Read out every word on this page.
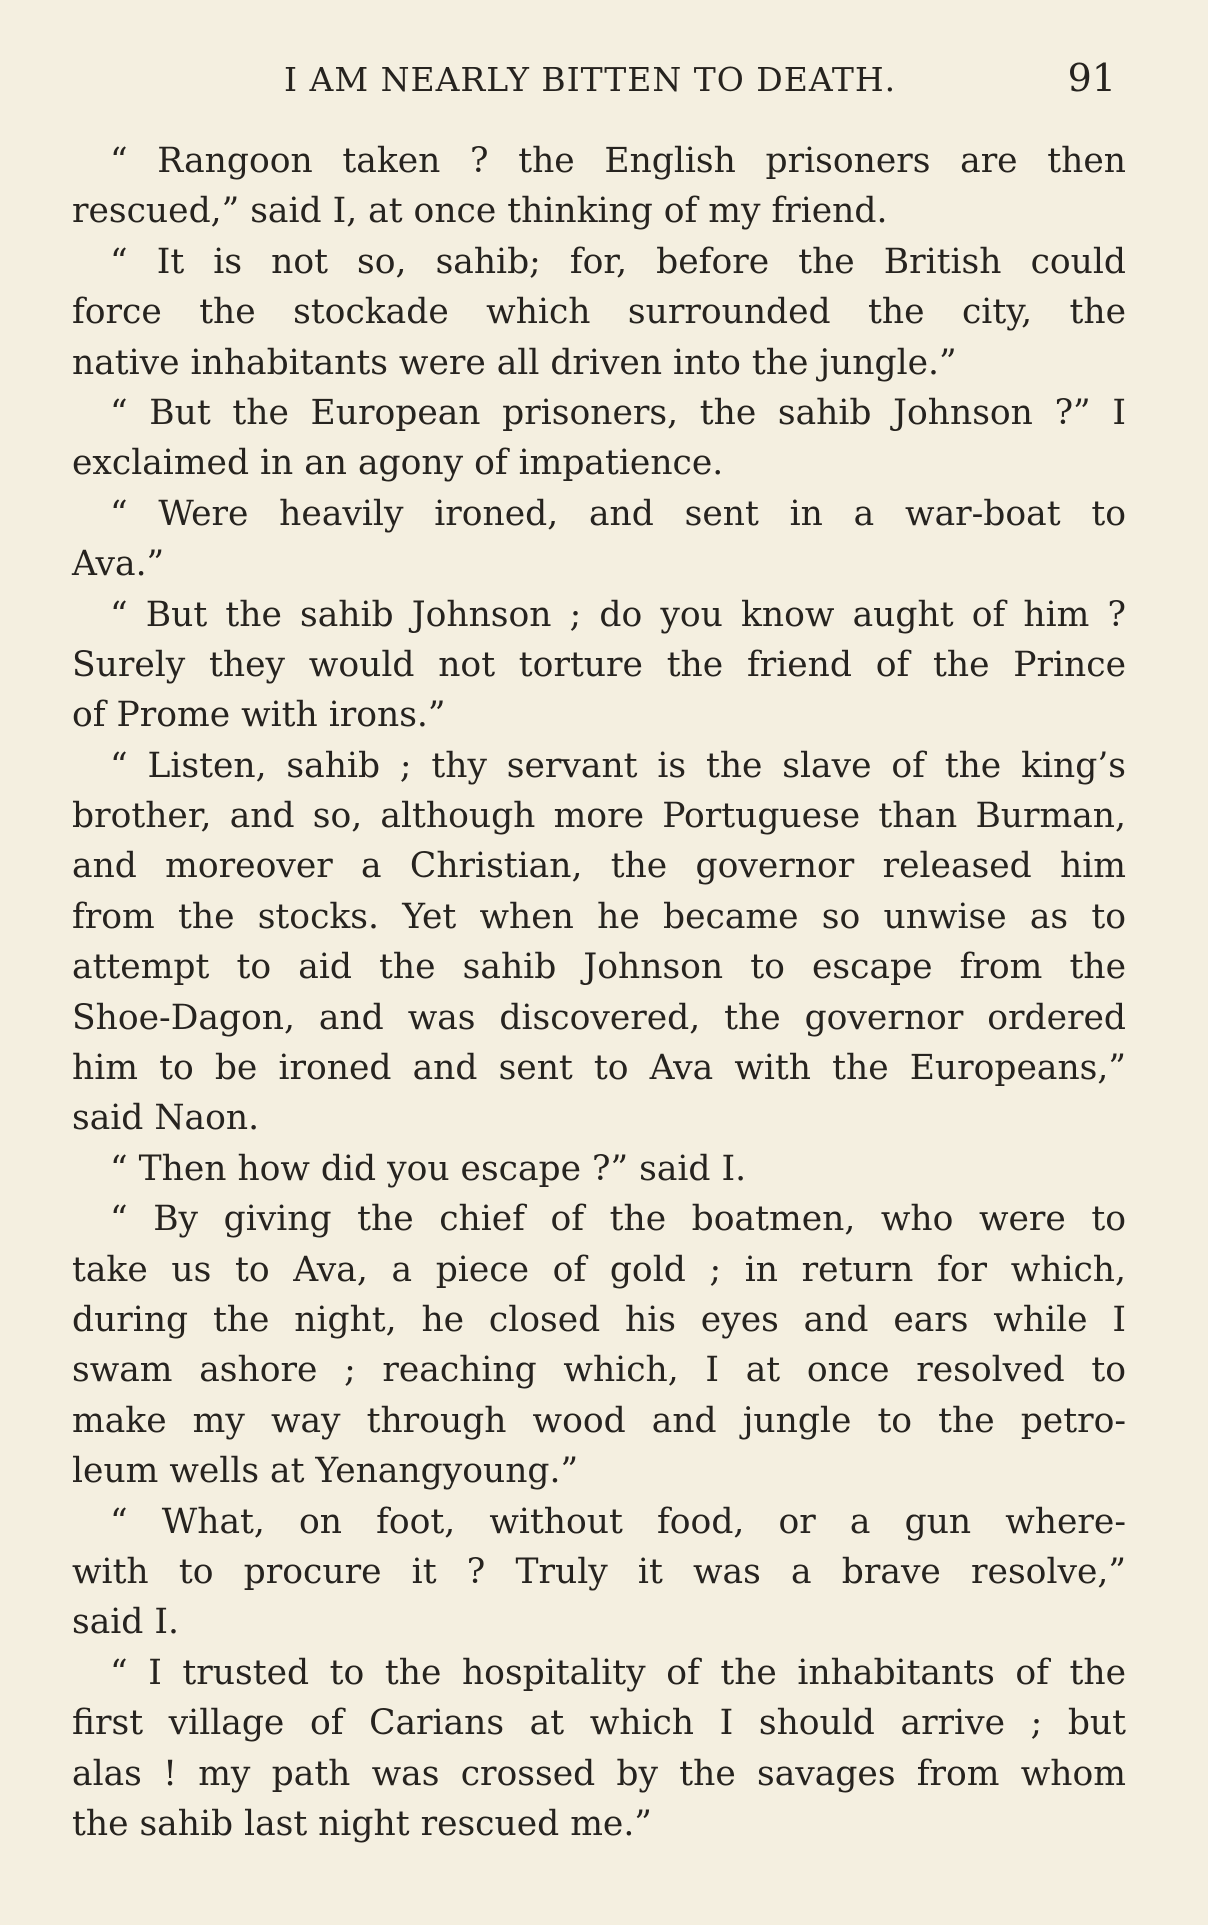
I AM NEARLY BITTEN TO DEATH.	91
“ Rangoon taken ? the English prisoners are then
rescued,” said I, at once thinking of my friend.
“ It is not so, sahib; for, before the British could
force the stockade which surrounded the city, the
native inhabitants were all driven into the jungle.”
“ But the European prisoners, the sahib Johnson ?” I
exclaimed in an agony of impatience.
“ Were heavily ironed, and sent in a war-boat to
Ava.”
“ But the sahib Johnson ; do you know aught of him ?
Surely they would not torture the friend of the Prince
of Prome with irons.”
“ Listen, sahib ; thy servant is the slave of the king’s
brother, and so, although more Portuguese than Burman,
and moreover a Christian, the governor released him
from the stocks. Yet when he became so unwise as to
attempt to aid the sahib Johnson to escape from the
Shoe-Dagon, and was discovered, the governor ordered
him to be ironed and sent to Ava with the Europeans,”
said Naon.
“ Then how did you escape ?” said I.
“ By giving the chief of the boatmen, who were to
take us to Ava, a piece of gold ; in return for which,
during the night, he closed his eyes and ears while I
swam ashore ; reaching which, I at once resolved to
make my way through wood and jungle to the petro-
leum wells at Yenangyoung.”
“ What, on foot, without food, or a gun where-
with to procure it ? Truly it was a brave resolve,”
said I.
“ I trusted to the hospitality of the inhabitants of the
first village of Carians at which I should arrive ; but
alas ! my path was crossed by the savages from whom
the sahib last night rescued me.”
